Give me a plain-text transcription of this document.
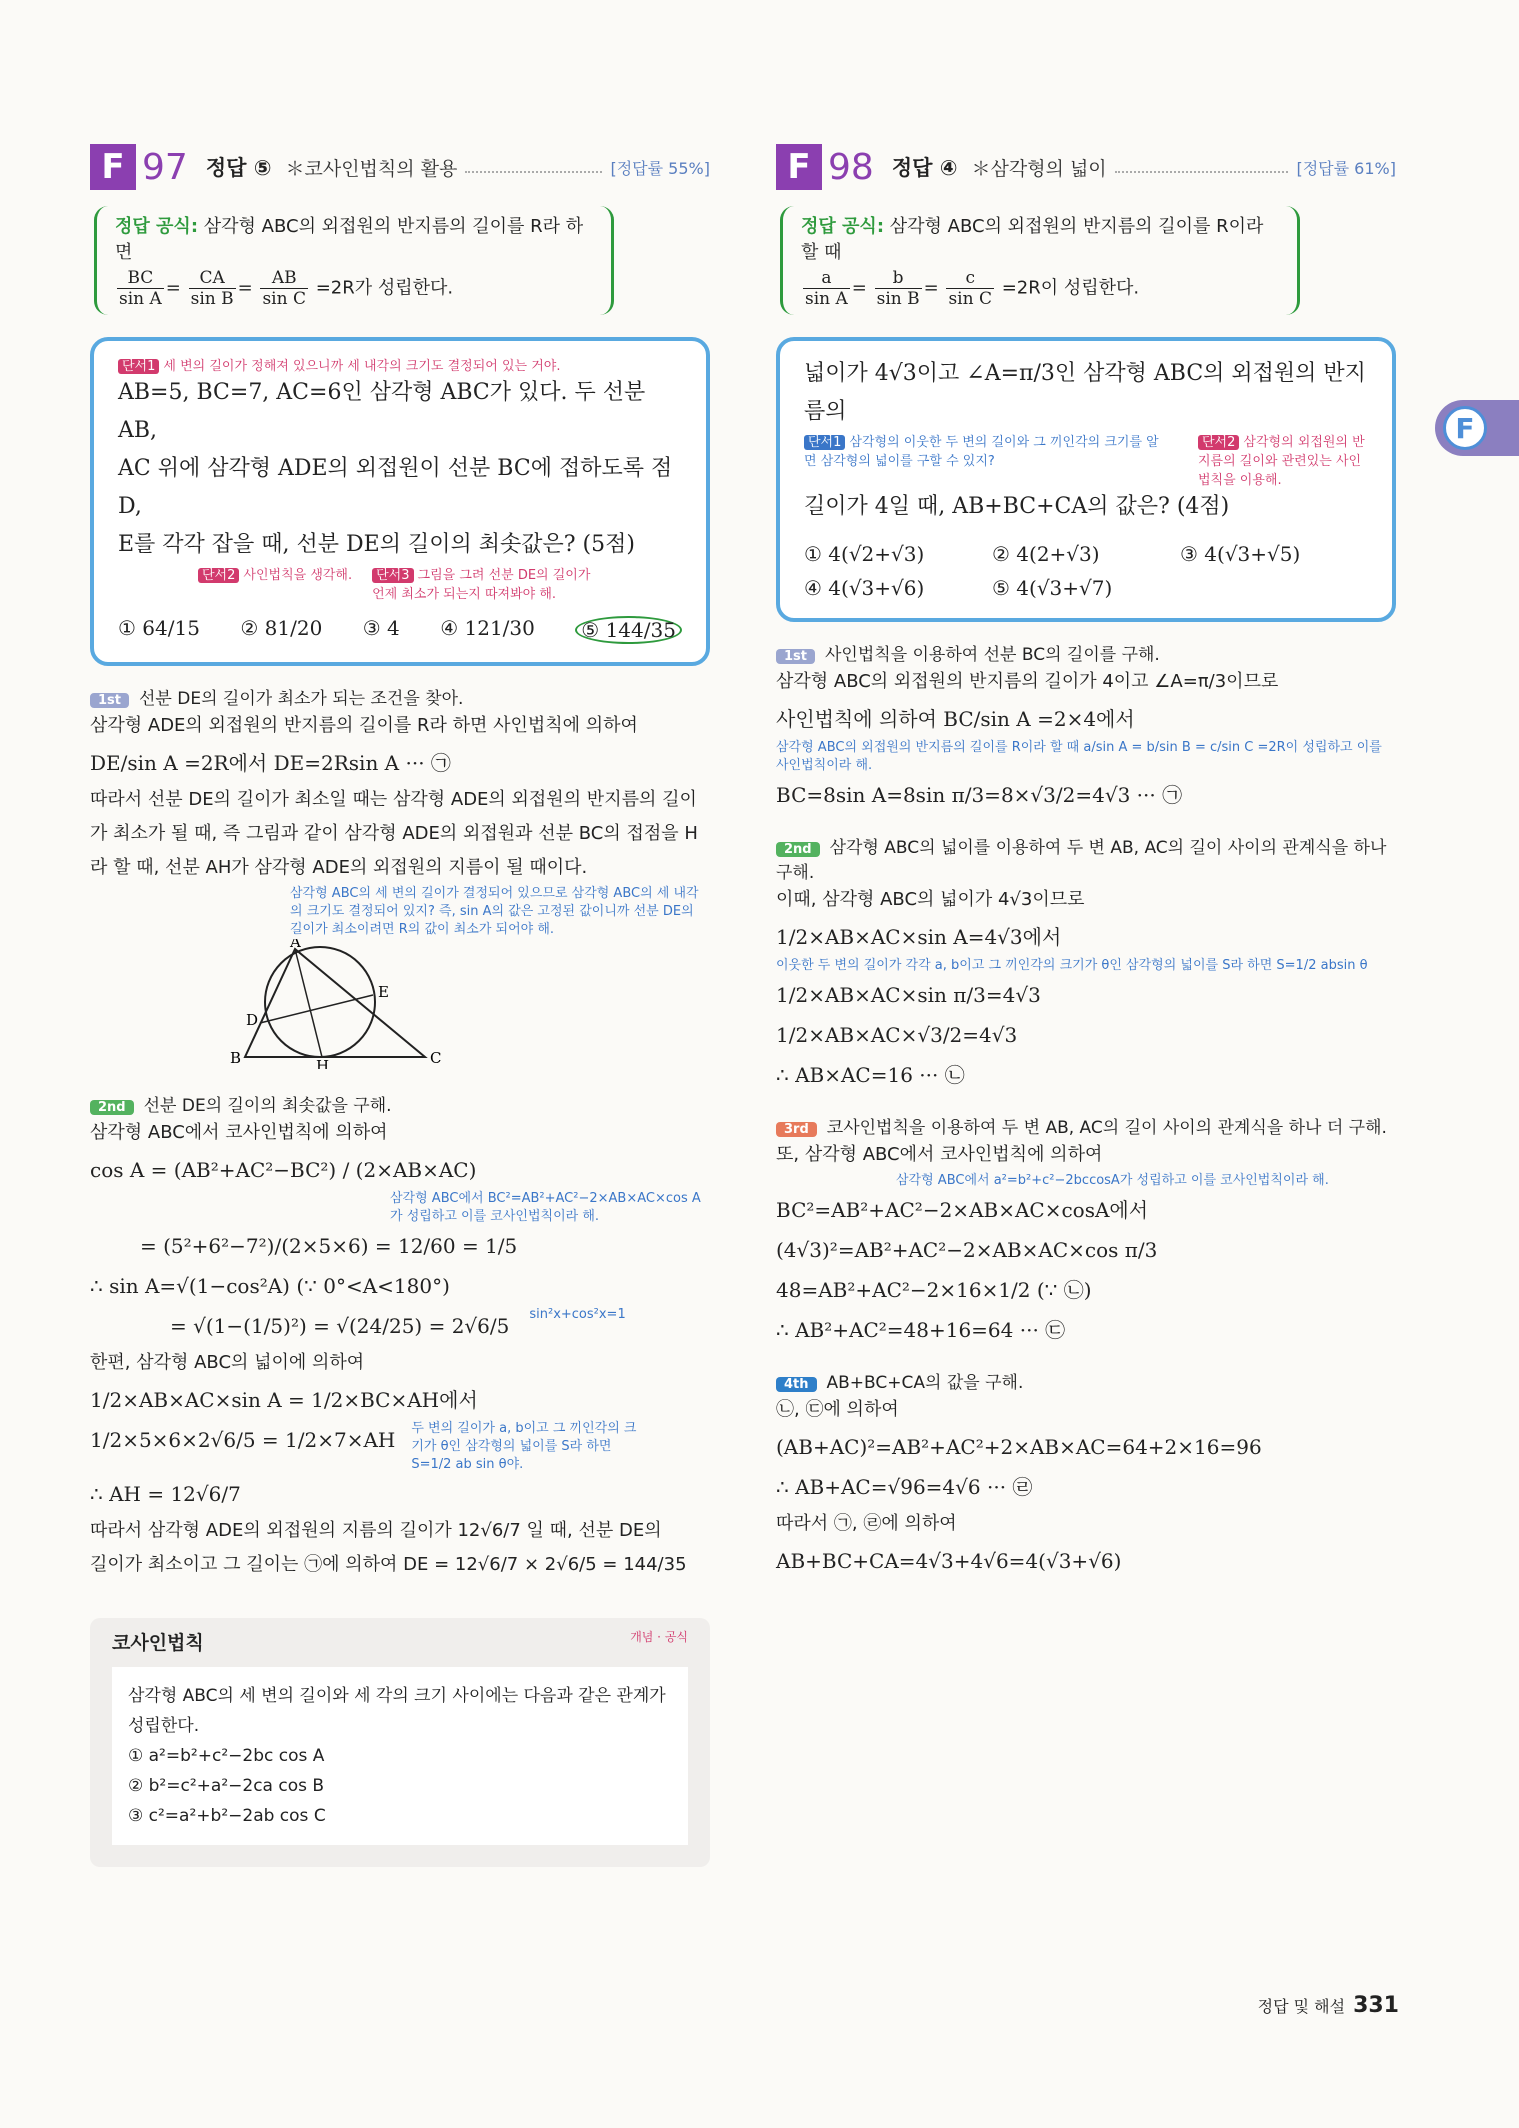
F 97 정답 ⑤ ＊코사인법칙의 활용	[정답률 55%]
정답 공식: 삼각형 ABC의 외접원의 반지름의 길이를 R라 하면
$\frac{BC}{\text{sin A}} = \frac{CA}{\text{sin B}} = \frac{AB}{\text{sin C}} =2R$가 성립한다.
단서1 세 변의 길이가 정해져 있으니까 세 내각의 크기도 결정되어 있는 거야.
AB=5, BC=7, AC=6인 삼각형 ABC가 있다. 두 선분 AB,
AC 위에 삼각형 ADE의 외접원이 선분 BC에 접하도록 점 D,
E를 각각 잡을 때, 선분 DE의 길이의 최솟값은? (5점)
단서2 사인법칙을 생각해.	단서3 그림을 그려 선분 DE의 길이가 언제 최소가 되는지 따져봐야 해.
① 64/15 ② 81/20 ③ 4 ④ 121/30	⑤ 144/35
1st 선분 DE의 길이가 최소가 되는 조건을 찾아.
삼각형 ADE의 외접원의 반지름의 길이를 R라 하면 사인법칙에 의하여
DE/sin A =2R에서 DE=2Rsin A ··· ㉠
따라서 선분 DE의 길이가 최소일 때는 삼각형 ADE의 외접원의 반지름의 길이가 최소가 될 때, 즉 그림과 같이 삼각형 ADE의 외접원과 선분 BC의 접점을 H라 할 때, 선분 AH가 삼각형 ADE의 외접원의 지름이 될 때이다.
삼각형 ABC의 세 변의 길이가 결정되어 있으므로 삼각형 ABC의 세 내각의 크기도 결정되어 있지? 즉, sin A의 값은 고정된 값이니까 선분 DE의 길이가 최소이려면 R의 값이 최소가 되어야 해.
A
B	C
D
E
H
2nd 선분 DE의 길이의 최솟값을 구해.
삼각형 ABC에서 코사인법칙에 의하여
cos A = (AB²+AC²−BC²) / (2×AB×AC)
삼각형 ABC에서 BC²=AB²+AC²−2×AB×AC×cos A가 성립하고 이를 코사인법칙이라 해.
= (5²+6²−7²)/(2×5×6) = 12/60 = 1/5
∴ sin A=√(1−cos²A) (∵ 0°<A<180°)
= √(1−(1/5)²) = √(24/25) = 2√6/5 sin²x+cos²x=1
한편, 삼각형 ABC의 넓이에 의하여
1/2×AB×AC×sin A = 1/2×BC×AH에서
1/2×5×6×2√6/5 = 1/2×7×AH 두 변의 길이가 a, b이고 그 끼인각의 크기가 θ인 삼각형의 넓이를 S라 하면 S=1/2 ab sin θ야.
∴ AH = 12√6/7
따라서 삼각형 ADE의 외접원의 지름의 길이가 12√6/7 일 때, 선분 DE의
길이가 최소이고 그 길이는 ㉠에 의하여 DE = 12√6/7 × 2√6/5 = 144/35
코사인법칙	개념 · 공식
삼각형 ABC의 세 변의 길이와 세 각의 크기 사이에는 다음과 같은 관계가 성립한다.
① a²=b²+c²−2bc cos A
② b²=c²+a²−2ca cos B
③ c²=a²+b²−2ab cos C
F 98 정답 ④ ＊삼각형의 넓이	[정답률 61%]
정답 공식: 삼각형 ABC의 외접원의 반지름의 길이를 R이라 할 때
$\frac{a}{\text{sin A}} = \frac{b}{\text{sin B}} = \frac{c}{\text{sin C}} =2R$이 성립한다.
넓이가 4√3이고 ∠A=π/3인 삼각형 ABC의 외접원의 반지름의
단서1 삼각형의 이웃한 두 변의 길이와 그 끼인각의 크기를 알면 삼각형의 넓이를 구할 수 있지?
단서2 삼각형의 외접원의 반지름의 길이와 관련있는 사인법칙을 이용해.
길이가 4일 때, AB+BC+CA의 값은? (4점)
① 4(√2+√3)	② 4(2+√3)	③ 4(√3+√5)
④ 4(√3+√6)	⑤ 4(√3+√7)
1st 사인법칙을 이용하여 선분 BC의 길이를 구해.
삼각형 ABC의 외접원의 반지름의 길이가 4이고 ∠A=π/3이므로
사인법칙에 의하여 BC/sin A =2×4에서
삼각형 ABC의 외접원의 반지름의 길이를 R이라 할 때 a/sin A = b/sin B = c/sin C =2R이 성립하고 이를 사인법칙이라 해.
BC=8sin A=8sin π/3=8×√3/2=4√3 ··· ㉠
2nd 삼각형 ABC의 넓이를 이용하여 두 변 AB, AC의 길이 사이의 관계식을 하나 구해.
이때, 삼각형 ABC의 넓이가 4√3이므로
1/2×AB×AC×sin A=4√3에서
이웃한 두 변의 길이가 각각 a, b이고 그 끼인각의 크기가 θ인 삼각형의 넓이를 S라 하면 S=1/2 absin θ
1/2×AB×AC×sin π/3=4√3
1/2×AB×AC×√3/2=4√3
∴ AB×AC=16 ··· ㉡
3rd 코사인법칙을 이용하여 두 변 AB, AC의 길이 사이의 관계식을 하나 더 구해.
또, 삼각형 ABC에서 코사인법칙에 의하여
삼각형 ABC에서 a²=b²+c²−2bccosA가 성립하고 이를 코사인법칙이라 해.
BC²=AB²+AC²−2×AB×AC×cosA에서
(4√3)²=AB²+AC²−2×AB×AC×cos π/3
48=AB²+AC²−2×16×1/2 (∵ ㉡)
∴ AB²+AC²=48+16=64 ··· ㉢
4th AB+BC+CA의 값을 구해.
㉡, ㉢에 의하여
(AB+AC)²=AB²+AC²+2×AB×AC=64+2×16=96
∴ AB+AC=√96=4√6 ··· ㉣
따라서 ㉠, ㉣에 의하여
AB+BC+CA=4√3+4√6=4(√3+√6)
F
정답 및 해설 331
